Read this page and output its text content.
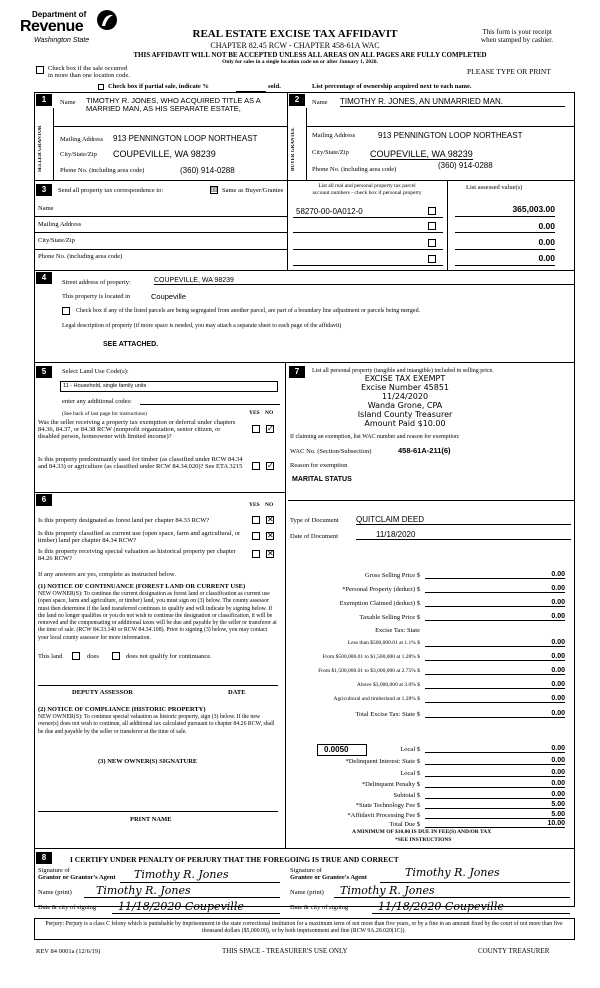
Department of
Revenue
Washington State
REAL ESTATE EXCISE TAX AFFIDAVIT
CHAPTER 82.45 RCW - CHAPTER 458-61A WAC
THIS AFFIDAVIT WILL NOT BE ACCEPTED UNLESS ALL AREAS ON ALL PAGES ARE FULLY COMPLETED
Only for sales in a single location code on or after January 1, 2020.
This form is your receipt
when stamped by cashier.
PLEASE TYPE OR PRINT
Check box if the sale occurred
in more than one location code.
Check box if partial sale, indicate %	sold.	List percentage of ownership acquired next to each name.
1	2
SELLER GRANTOR	BUYER GRANTEE
Name TIMOTHY R. JONES, WHO ACQUIRED TITLE AS A MARRIED MAN, AS HIS SEPARATE ESTATE,
Mailing Address 913 PENNINGTON LOOP NORTHEAST
City/State/Zip COUPEVILLE, WA 98239
Phone No. (including area code)	(360) 914-0288
Name TIMOTHY R. JONES, AN UNMARRIED MAN.
Mailing Address	913 PENNINGTON LOOP NORTHEAST
City/State/Zip COUPEVILLE, WA 98239
Phone No. (including area code)	(360) 914-0288
3	Send all property tax correspondence to:	☒ Same as Buyer/Grantee
Name
Mailing Address
City/State/Zip
Phone No. (including area code)
List all real and personal property tax parcel
account numbers - check box if personal property
List assessed value(s)
58270-00-0A012-0	365,003.00
0.00
0.00
0.00
4
Street address of property:	COUPEVILLE, WA 98239
This property is located in	Coupeville
Check box if any of the listed parcels are being segregated from another parcel, are part of a boundary line adjustment or parcels being merged.
Legal description of property (if more space is needed, you may attach a separate sheet to each page of the affidavit)
SEE ATTACHED.
5	Select Land Use Code(s):
11 - Household, single family units
enter any additional codes:
(See back of last page for instructions)	YES NO
Was the seller receiving a property tax exemption or deferral under chapters 84.36, 84.37, or 84.38 RCW (nonprofit organization, senior citizen, or disabled person, homeowner with limited income)?
✓
Is this property predominantly used for timber (as classified under RCW 84.34 and 84.33) or agriculture (as classified under RCW 84.34.020)? See ETA 3215	✓
6
YES NO
Is this property designated as forest land per chapter 84.33 RCW?	✕
Is this property classified as current use (open space, farm and agricultural, or timber) land per chapter 84.34 RCW?
✕
Is this property receiving special valuation as historical property per chapter 84.26 RCW?
✕
If any answers are yes, complete as instructed below.
(1) NOTICE OF CONTINUANCE (FOREST LAND OR CURRENT USE)
NEW OWNER(S): To continue the current designation as forest land or classification as current use (open space, farm and agriculture, or timber) land, you must sign on (3) below. The county assessor must then determine if the land transferred continues to qualify and will indicate by signing below. If the land no longer qualifies or you do not wish to continue the designation or classification, it will be removed and the compensating or additional taxes will be due and payable by the seller or transferor at the time of sale. (RCW 84.33.140 or RCW 84.34.108). Prior to signing (3) below, you may contact your local county assessor for more information.
This land	does	does not qualify for continuance.
DEPUTY ASSESSOR	DATE
(2) NOTICE OF COMPLIANCE (HISTORIC PROPERTY)
NEW OWNER(S): To continue special valuation as historic property, sign (3) below. If the new owner(s) does not wish to continue, all additional tax calculated pursuant to chapter 84.26 RCW, shall be due and payable by the seller or transferor at the time of sale.
(3) NEW OWNER(S) SIGNATURE
PRINT NAME
7	List all personal property (tangible and intangible) included in selling price.
EXCISE TAX EXEMPT
Excise Number 45851
11/24/2020
Wanda Grone, CPA
Island County Treasurer
Amount Paid $10.00
If claiming an exemption, list WAC number and reason for exemption:
WAC No. (Section/Subsection)	458-61A-211(6)
Reason for exemption
MARITAL STATUS
Type of Document QUITCLAIM DEED
Date of Document	11/18/2020
Gross Selling Price $	0.00
*Personal Property (deduct) $	0.00
Exemption Claimed (deduct) $	0.00
Taxable Selling Price $	0.00
Excise Tax: State
Less than $500,000.01 at 1.1% $	0.00
From $500,000.01 to $1,500,000 at 1.28% $	0.00
From $1,500,000.01 to $3,000,000 at 2.75% $	0.00
Above $3,000,000 at 3.0% $	0.00
Agricultural and timberland at 1.28% $	0.00
Total Excise Tax: State $	0.00
Local $	0.00
*Delinquent Interest: State $	0.00
Local $	0.00
*Delinquent Penalty $	0.00
Subtotal $	0.00
*State Technology Fee $	5.00
*Affidavit Processing Fee $	5.00
Total Due $	10.00
0.0050
A MINIMUM OF $10.00 IS DUE IN FEE(S) AND/OR TAX
*SEE INSTRUCTIONS
8	I CERTIFY UNDER PENALTY OF PERJURY THAT THE FOREGOING IS TRUE AND CORRECT
Signature of
Grantor or Grantor's Agent Timothy R. Jones
Name (print) Timothy R. Jones
Date & city of signing 11/18/2020 Coupeville
Signature of
Grantee or Grantee's Agent	Timothy R. Jones
Name (print) Timothy R. Jones
Date & city of signing	11/18/2020 Coupeville
Perjury: Perjury is a class C felony which is punishable by imprisonment in the state correctional institution for a maximum term of not more than five years, or by a fine in an amount fixed by the court of not more than five thousand dollars ($5,000.00), or by both imprisonment and fine (RCW 9A.20.020(1C)).
REV 84 0001a (12/6/19)	THIS SPACE - TREASURER'S USE ONLY	COUNTY TREASURER
